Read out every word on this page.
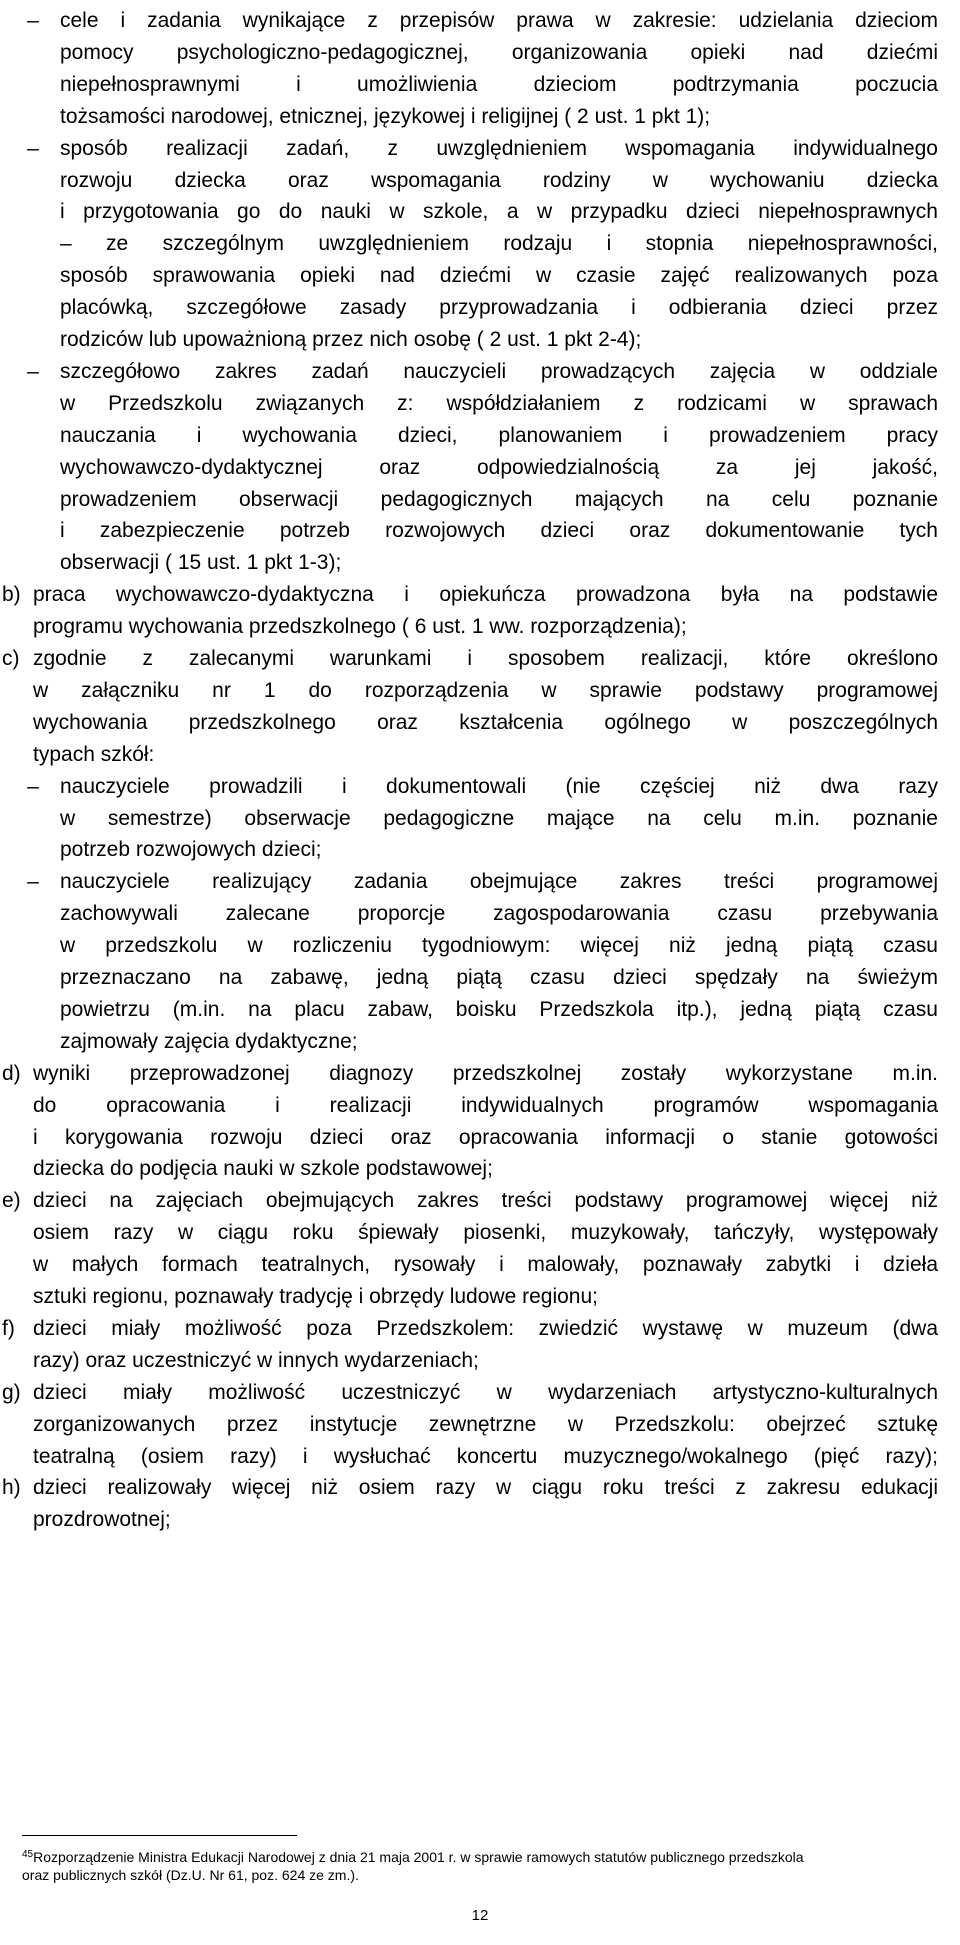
cele i zadania wynikające z przepisów prawa w zakresie: udzielania dzieciom
pomocy psychologiczno-pedagogicznej, organizowania opieki nad dziećmi
niepełnosprawnymi i umożliwienia dzieciom podtrzymania poczucia
tożsamości narodowej, etnicznej, językowej i religijnej ( 2 ust. 1 pkt 1);
sposób realizacji zadań, z uwzględnieniem wspomagania indywidualnego
rozwoju dziecka oraz wspomagania rodziny w wychowaniu dziecka
i przygotowania go do nauki w szkole, a w przypadku dzieci niepełnosprawnych
– ze szczególnym uwzględnieniem rodzaju i stopnia niepełnosprawności,
sposób sprawowania opieki nad dziećmi w czasie zajęć realizowanych poza
placówką, szczegółowe zasady przyprowadzania i odbierania dzieci przez
rodziców lub upoważnioną przez nich osobę ( 2 ust. 1 pkt 2-4);
szczegółowo zakres zadań nauczycieli prowadzących zajęcia w oddziale
w Przedszkolu związanych z: współdziałaniem z rodzicami w sprawach
nauczania i wychowania dzieci, planowaniem i prowadzeniem pracy
wychowawczo-dydaktycznej oraz odpowiedzialnością za jej jakość,
prowadzeniem obserwacji pedagogicznych mających na celu poznanie
i zabezpieczenie potrzeb rozwojowych dzieci oraz dokumentowanie tych
obserwacji ( 15 ust. 1 pkt 1-3);
praca wychowawczo-dydaktyczna i opiekuńcza prowadzona była na podstawie
programu wychowania przedszkolnego ( 6 ust. 1 ww. rozporządzenia);
zgodnie z zalecanymi warunkami i sposobem realizacji, które określono
w załączniku nr 1 do rozporządzenia w sprawie podstawy programowej
wychowania przedszkolnego oraz kształcenia ogólnego w poszczególnych
typach szkół:
nauczyciele prowadzili i dokumentowali (nie częściej niż dwa razy
w semestrze) obserwacje pedagogiczne mające na celu m.in. poznanie
potrzeb rozwojowych dzieci;
nauczyciele realizujący zadania obejmujące zakres treści programowej
zachowywali zalecane proporcje zagospodarowania czasu przebywania
w przedszkolu w rozliczeniu tygodniowym: więcej niż jedną piątą czasu
przeznaczano na zabawę, jedną piątą czasu dzieci spędzały na świeżym
powietrzu (m.in. na placu zabaw, boisku Przedszkola itp.), jedną piątą czasu
zajmowały zajęcia dydaktyczne;
wyniki przeprowadzonej diagnozy przedszkolnej zostały wykorzystane m.in.
do opracowania i realizacji indywidualnych programów wspomagania
i korygowania rozwoju dzieci oraz opracowania informacji o stanie gotowości
dziecka do podjęcia nauki w szkole podstawowej;
dzieci na zajęciach obejmujących zakres treści podstawy programowej więcej niż
osiem razy w ciągu roku śpiewały piosenki, muzykowały, tańczyły, występowały
w małych formach teatralnych, rysowały i malowały, poznawały zabytki i dzieła
sztuki regionu, poznawały tradycję i obrzędy ludowe regionu;
dzieci miały możliwość poza Przedszkolem: zwiedzić wystawę w muzeum (dwa
razy) oraz uczestniczyć w innych wydarzeniach;
dzieci miały możliwość uczestniczyć w wydarzeniach artystyczno-kulturalnych
zorganizowanych przez instytucje zewnętrzne w Przedszkolu: obejrzeć sztukę
teatralną (osiem razy) i wysłuchać koncertu muzycznego/wokalnego (pięć razy);
dzieci realizowały więcej niż osiem razy w ciągu roku treści z zakresu edukacji
prozdrowotnej;
–
–
–
–
–
b)
c)
d)
e)
f)
g)
h)
$^{45}$Rozporządzenie Ministra Edukacji Narodowej z dnia 21 maja 2001 r. w sprawie ramowych statutów publicznego przedszkola
oraz publicznych szkół (Dz.U. Nr 61, poz. 624 ze zm.).
12
